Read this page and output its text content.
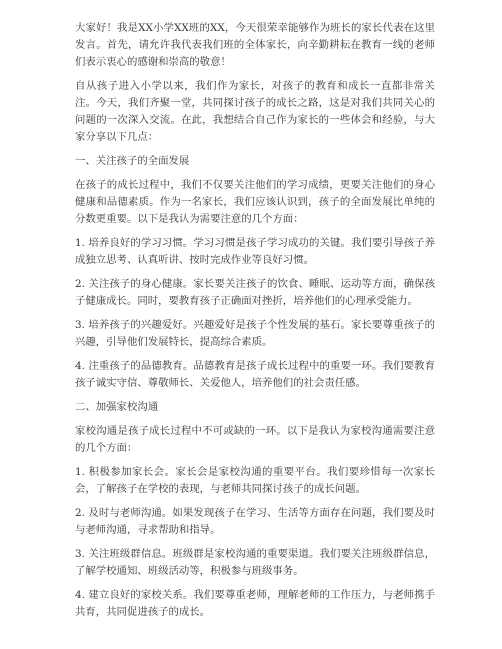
大家好！我是XX小学XX班的XX，今天很荣幸能够作为班长的家长代表在这里发言。首先，请允许我代表我们班的全体家长，向辛勤耕耘在教育一线的老师们表示衷心的感谢和崇高的敬意！

自从孩子进入小学以来，我们作为家长，对孩子的教育和成长一直都非常关注。今天，我们齐聚一堂，共同探讨孩子的成长之路，这是对我们共同关心的问题的一次深入交流。在此，我想结合自己作为家长的一些体会和经验，与大家分享以下几点：

一、关注孩子的全面发展

在孩子的成长过程中，我们不仅要关注他们的学习成绩，更要关注他们的身心健康和品德素质。作为一名家长，我们应该认识到，孩子的全面发展比单纯的分数更重要。以下是我认为需要注意的几个方面：

1. 培养良好的学习习惯。学习习惯是孩子学习成功的关键。我们要引导孩子养成独立思考、认真听讲、按时完成作业等良好习惯。

2. 关注孩子的身心健康。家长要关注孩子的饮食、睡眠、运动等方面，确保孩子健康成长。同时，要教育孩子正确面对挫折，培养他们的心理承受能力。

3. 培养孩子的兴趣爱好。兴趣爱好是孩子个性发展的基石。家长要尊重孩子的兴趣，引导他们发展特长，提高综合素质。

4. 注重孩子的品德教育。品德教育是孩子成长过程中的重要一环。我们要教育孩子诚实守信、尊敬师长、关爱他人，培养他们的社会责任感。

二、加强家校沟通

家校沟通是孩子成长过程中不可或缺的一环。以下是我认为家校沟通需要注意的几个方面：

1. 积极参加家长会。家长会是家校沟通的重要平台。我们要珍惜每一次家长会，了解孩子在学校的表现，与老师共同探讨孩子的成长问题。

2. 及时与老师沟通。如果发现孩子在学习、生活等方面存在问题，我们要及时与老师沟通，寻求帮助和指导。

3. 关注班级群信息。班级群是家校沟通的重要渠道。我们要关注班级群信息，了解学校通知、班级活动等，积极参与班级事务。

4. 建立良好的家校关系。我们要尊重老师，理解老师的工作压力，与老师携手共育，共同促进孩子的成长。
